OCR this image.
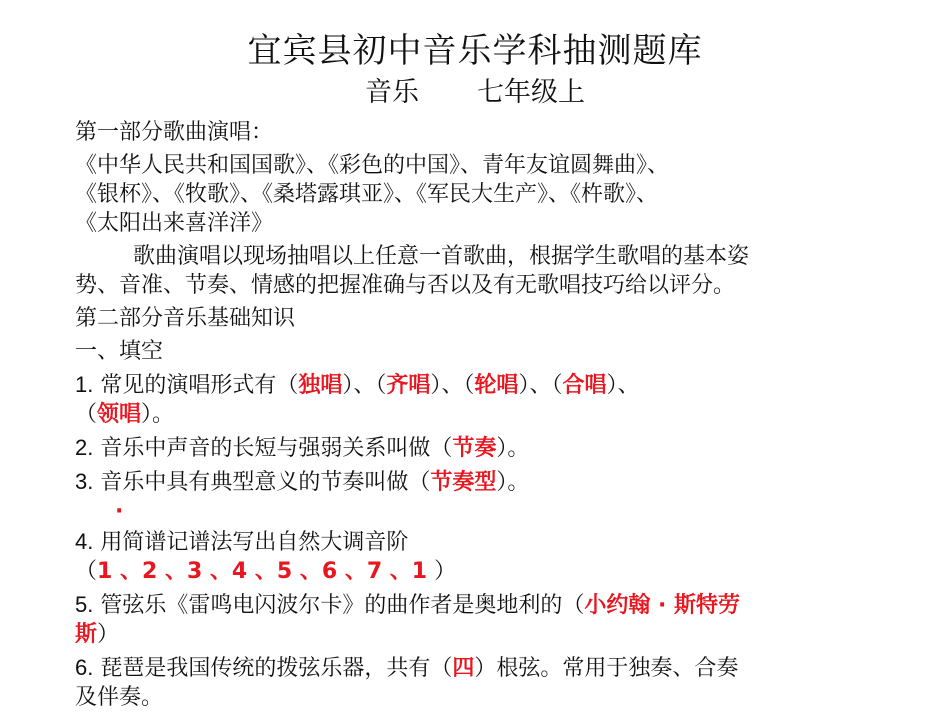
宜宾县初中音乐学科抽测题库
音乐 七年级上
第一部分歌曲演唱：
《中华人民共和国国歌》、《彩色的中国》、青年友谊圆舞曲》、
《银杯》、《牧歌》、《桑塔露琪亚》、《军民大生产》、《杵歌》、
《太阳出来喜洋洋》
歌曲演唱以现场抽唱以上任意一首歌曲，根据学生歌唱的基本姿
势、音准、节奏、情感的把握准确与否以及有无歌唱技巧给以评分。
第二部分音乐基础知识
一、填空
1. 常见的演唱形式有（独唱）、（齐唱）、（轮唱）、（合唱）、
（领唱）。
2. 音乐中声音的长短与强弱关系叫做（节奏）。
3. 音乐中具有典型意义的节奏叫做（节奏型）。
·
4. 用简谱记谱法写出自然大调音阶
（1 、2 、3 、4 、5 、6 、7 、1 ）
5. 管弦乐《雷鸣电闪波尔卡》的曲作者是奥地利的（小约翰 · 斯特劳
斯）
6. 琵琶是我国传统的拨弦乐器，共有（四）根弦。常用于独奏、合奏
及伴奏。
